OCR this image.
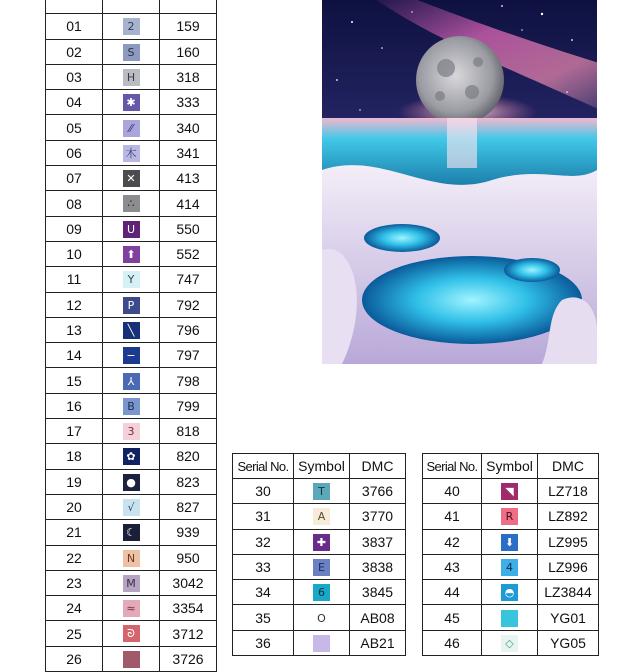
01	2	159
02	S	160
03	H	318
04	✱	333
05	⁄⁄	340
06	木	341
07	✕	413
08	∴	414
09	U	550
10	⬆	552
11	Y	747
12	P	792
13	╲	796
14	−	797
15	⅄	798
16	B	799
17	3	818
18	✿	820
19	●	823
20	√	827
21	☾	939
22	N	950
23	M	3042
24	≈	3354
25	ᘐ	3712
26		3726
Serial No.	Symbol	DMC
30	T	3766
31	A	3770
32	✚	3837
33	E	3838
34	6	3845
35	O	AB08
36		AB21
Serial No.	Symbol	DMC
40	◥	LZ718
41	R	LZ892
42	⬇	LZ995
43	4	LZ996
44	◓	LZ3844
45		YG01
46	◇	YG05
